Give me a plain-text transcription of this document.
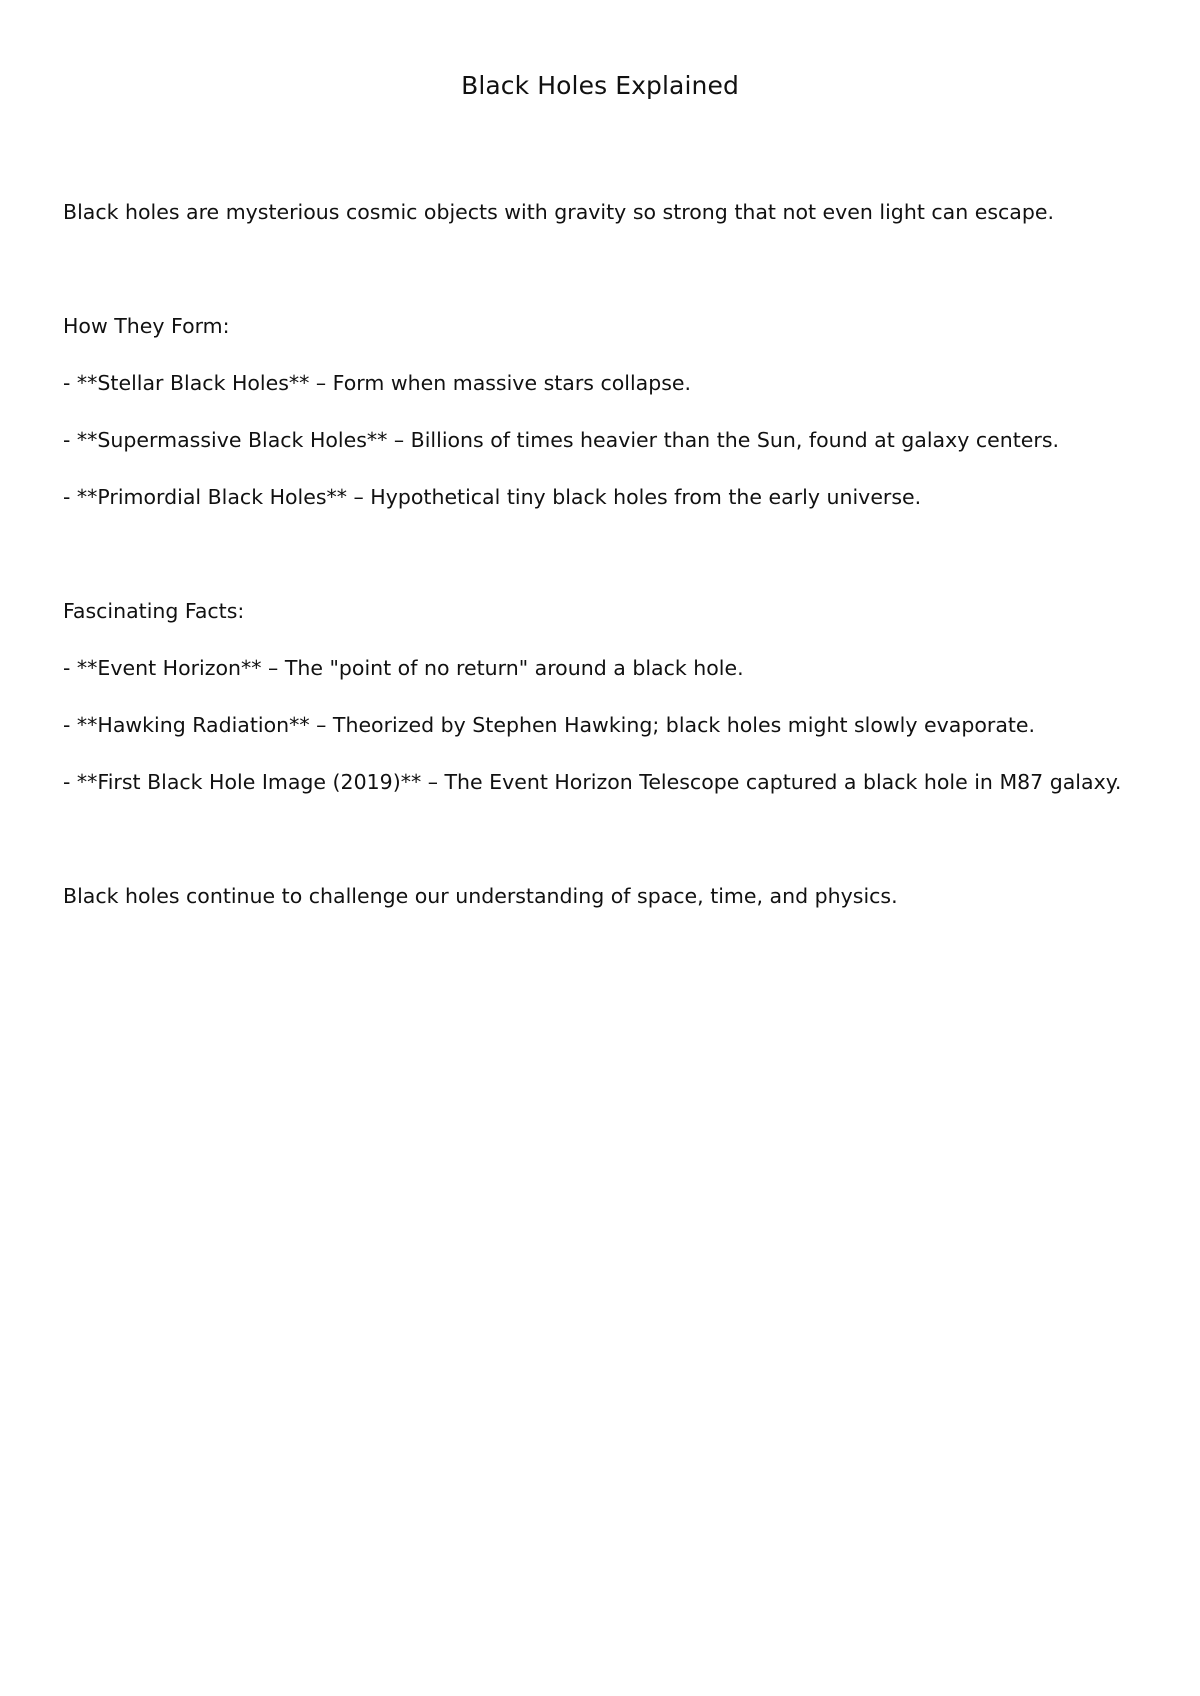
Black Holes Explained

Black holes are mysterious cosmic objects with gravity so strong that not even light can escape.

How They Form:

- **Stellar Black Holes** – Form when massive stars collapse.

- **Supermassive Black Holes** – Billions of times heavier than the Sun, found at galaxy centers.

- **Primordial Black Holes** – Hypothetical tiny black holes from the early universe.

Fascinating Facts:

- **Event Horizon** – The "point of no return" around a black hole.

- **Hawking Radiation** – Theorized by Stephen Hawking; black holes might slowly evaporate.

- **First Black Hole Image (2019)** – The Event Horizon Telescope captured a black hole in M87 galaxy.

Black holes continue to challenge our understanding of space, time, and physics.
